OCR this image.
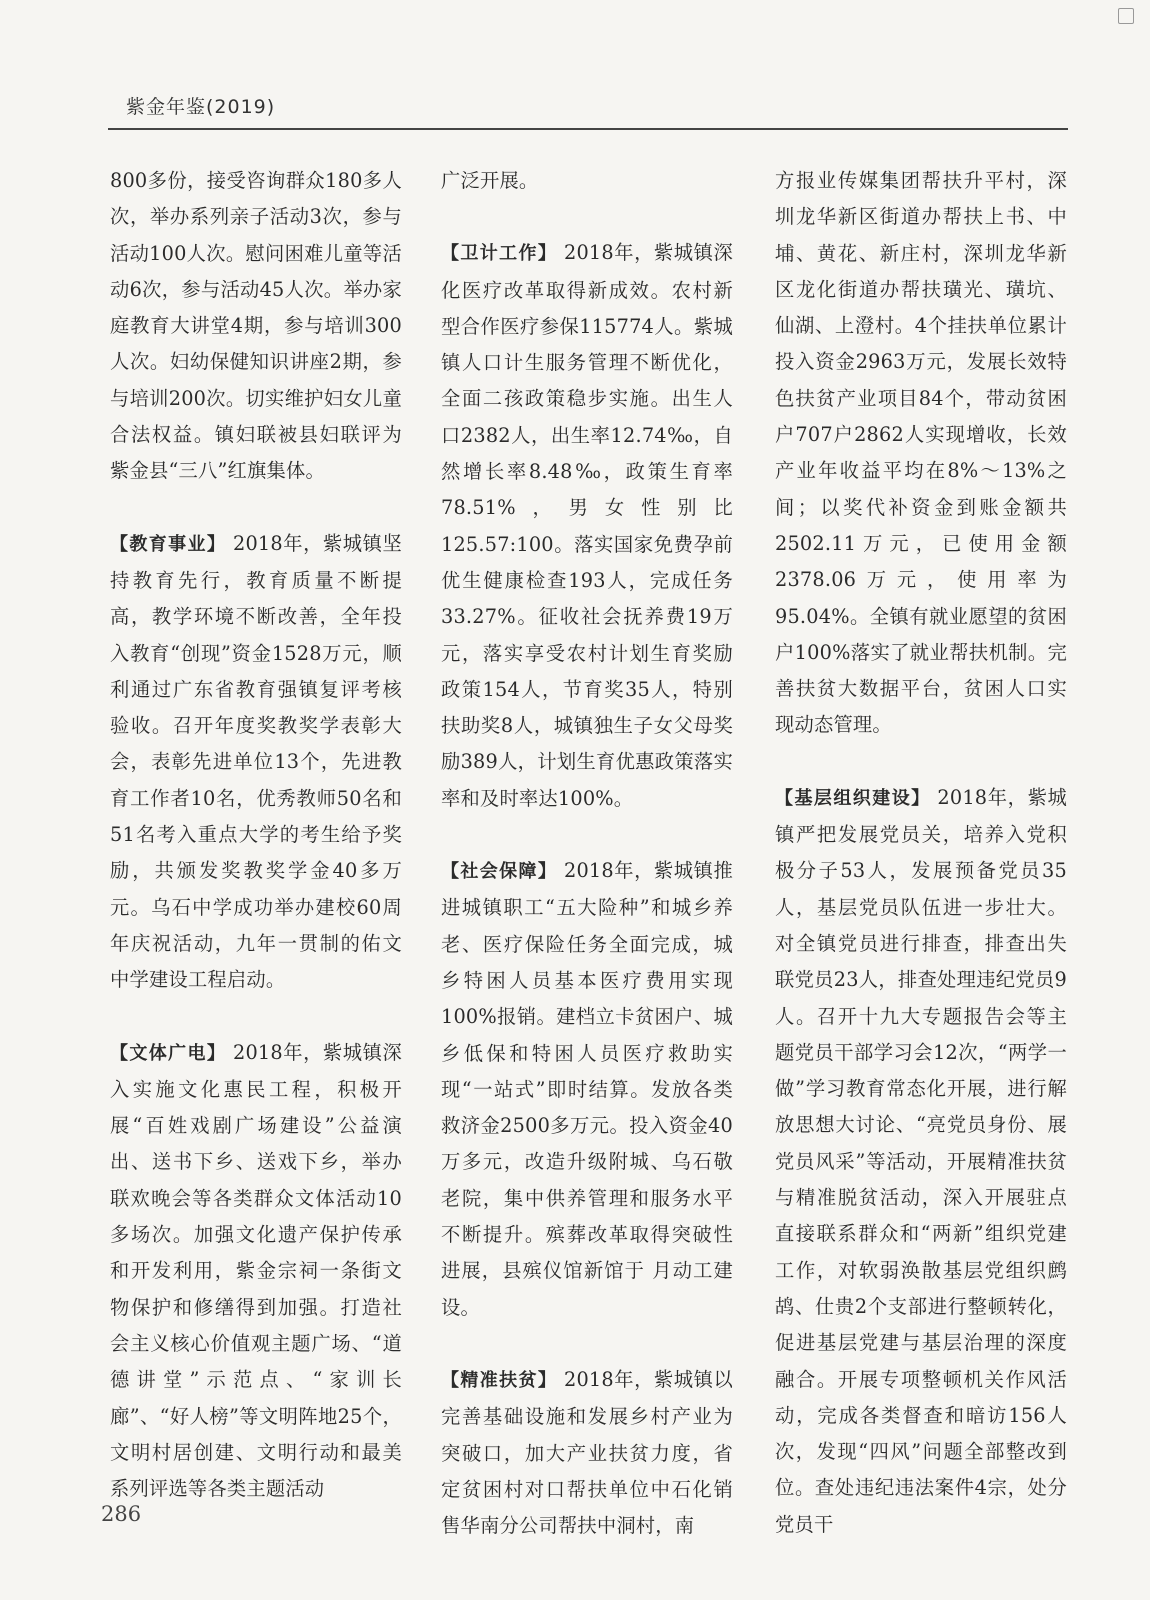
紫金年鉴(2019)

800多份，接受咨询群众180多人次，举办系列亲子活动3次，参与活动100人次。慰问困难儿童等活动6次，参与活动45人次。举办家庭教育大讲堂4期，参与培训300人次。妇幼保健知识讲座2期，参与培训200次。切实维护妇女儿童合法权益。镇妇联被县妇联评为紫金县“三八”红旗集体。

【教育事业】 2018年，紫城镇坚持教育先行，教育质量不断提高，教学环境不断改善，全年投入教育“创现”资金1528万元，顺利通过广东省教育强镇复评考核验收。召开年度奖教奖学表彰大会，表彰先进单位13个，先进教育工作者10名，优秀教师50名和51名考入重点大学的考生给予奖励，共颁发奖教奖学金40多万元。乌石中学成功举办建校60周年庆祝活动，九年一贯制的佑文中学建设工程启动。

【文体广电】 2018年，紫城镇深入实施文化惠民工程，积极开展“百姓戏剧广场建设”公益演出、送书下乡、送戏下乡，举办联欢晚会等各类群众文体活动10多场次。加强文化遗产保护传承和开发利用，紫金宗祠一条街文物保护和修缮得到加强。打造社会主义核心价值观主题广场、“道德讲堂”示范点、“家训长廊”、“好人榜”等文明阵地25个，文明村居创建、文明行动和最美系列评选等各类主题活动

广泛开展。

【卫计工作】 2018年，紫城镇深化医疗改革取得新成效。农村新型合作医疗参保115774人。紫城镇人口计生服务管理不断优化，全面二孩政策稳步实施。出生人口2382人，出生率12.74‰，自然增长率8.48‰，政策生育率78.51%，男女性别比125.57:100。落实国家免费孕前优生健康检查193人，完成任务33.27%。征收社会抚养费19万元，落实享受农村计划生育奖励政策154人，节育奖35人，特别扶助奖8人，城镇独生子女父母奖励389人，计划生育优惠政策落实率和及时率达100%。

【社会保障】 2018年，紫城镇推进城镇职工“五大险种”和城乡养老、医疗保险任务全面完成，城乡特困人员基本医疗费用实现100%报销。建档立卡贫困户、城乡低保和特困人员医疗救助实现“一站式”即时结算。发放各类救济金2500多万元。投入资金40万多元，改造升级附城、乌石敬老院，集中供养管理和服务水平不断提升。殡葬改革取得突破性进展，县殡仪馆新馆于 月动工建设。

【精准扶贫】 2018年，紫城镇以完善基础设施和发展乡村产业为突破口，加大产业扶贫力度，省定贫困村对口帮扶单位中石化销售华南分公司帮扶中洞村，南

方报业传媒集团帮扶升平村，深圳龙华新区街道办帮扶上书、中埔、黄花、新庄村，深圳龙华新区龙化街道办帮扶璜光、璜坑、仙湖、上澄村。4个挂扶单位累计投入资金2963万元，发展长效特色扶贫产业项目84个，带动贫困户707户2862人实现增收，长效产业年收益平均在8%～13%之间；以奖代补资金到账金额共2502.11万元，已使用金额2378.06万元，使用率为95.04%。全镇有就业愿望的贫困户100%落实了就业帮扶机制。完善扶贫大数据平台，贫困人口实现动态管理。

【基层组织建设】 2018年，紫城镇严把发展党员关，培养入党积极分子53人，发展预备党员35人，基层党员队伍进一步壮大。对全镇党员进行排查，排查出失联党员23人，排查处理违纪党员9人。召开十九大专题报告会等主题党员干部学习会12次，“两学一做”学习教育常态化开展，进行解放思想大讨论、“亮党员身份、展党员风采”等活动，开展精准扶贫与精准脱贫活动，深入开展驻点直接联系群众和“两新”组织党建工作，对软弱涣散基层党组织鹧鸪、仕贵2个支部进行整顿转化，促进基层党建与基层治理的深度融合。开展专项整顿机关作风活动，完成各类督查和暗访156人次，发现“四风”问题全部整改到位。查处违纪违法案件4宗，处分党员干

286
